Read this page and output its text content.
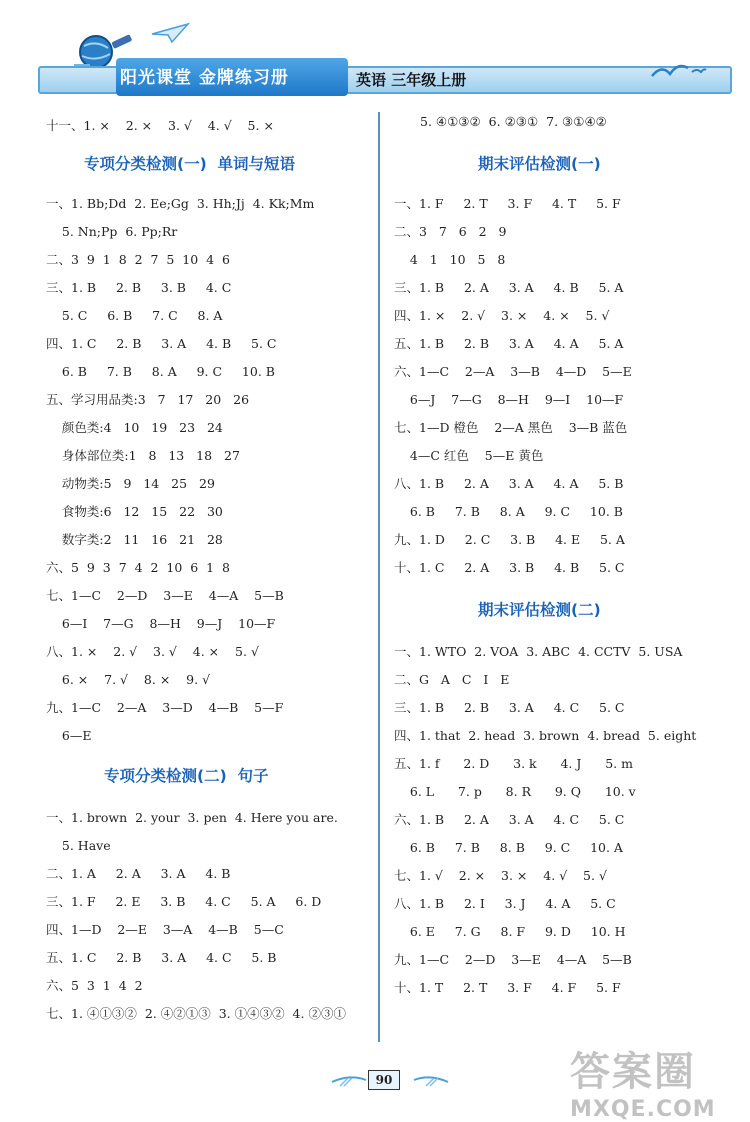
阳光课堂 金牌练习册	英语 三年级上册
十一、1. ×    2. ×    3. √    4. √    5. ×
专项分类检测(一)  单词与短语
一、1. Bb;Dd  2. Ee;Gg  3. Hh;Jj  4. Kk;Mm
5. Nn;Pp  6. Pp;Rr
二、3  9  1  8  2  7  5  10  4  6
三、1. B     2. B     3. B     4. C
5. C     6. B     7. C     8. A
四、1. C     2. B     3. A     4. B     5. C
6. B     7. B     8. A     9. C     10. B
五、学习用品类:3   7   17   20   26
颜色类:4   10   19   23   24
身体部位类:1   8   13   18   27
动物类:5   9   14   25   29
食物类:6   12   15   22   30
数字类:2   11   16   21   28
六、5  9  3  7  4  2  10  6  1  8
七、1—C    2—D    3—E    4—A    5—B
6—I    7—G    8—H    9—J    10—F
八、1. ×    2. √    3. √    4. ×    5. √
6. ×    7. √    8. ×    9. √
九、1—C    2—A    3—D    4—B    5—F
6—E
专项分类检测(二)  句子
一、1. brown  2. your  3. pen  4. Here you are.
5. Have
二、1. A     2. A     3. A     4. B
三、1. F     2. E     3. B     4. C     5. A     6. D
四、1—D    2—E    3—A    4—B    5—C
五、1. C     2. B     3. A     4. C     5. B
六、5  3  1  4  2
七、1. ④①③②  2. ④②①③  3. ①④③②  4. ②③①
5. ④①③②  6. ②③①  7. ③①④②
期末评估检测(一)
一、1. F     2. T     3. F     4. T     5. F
二、3   7   6   2   9
4   1   10   5   8
三、1. B     2. A     3. A     4. B     5. A
四、1. ×    2. √    3. ×    4. ×    5. √
五、1. B     2. B     3. A     4. A     5. A
六、1—C    2—A    3—B    4—D    5—E
6—J    7—G    8—H    9—I    10—F
七、1—D 橙色    2—A 黑色    3—B 蓝色
4—C 红色    5—E 黄色
八、1. B     2. A     3. A     4. A     5. B
6. B     7. B     8. A     9. C     10. B
九、1. D     2. C     3. B     4. E     5. A
十、1. C     2. A     3. B     4. B     5. C
期末评估检测(二)
一、1. WTO  2. VOA  3. ABC  4. CCTV  5. USA
二、G   A   C   I   E
三、1. B     2. B     3. A     4. C     5. C
四、1. that  2. head  3. brown  4. bread  5. eight
五、1. f      2. D      3. k      4. J      5. m
6. L      7. p      8. R      9. Q      10. v
六、1. B     2. A     3. A     4. C     5. C
6. B     7. B     8. B     9. C     10. A
七、1. √    2. ×    3. ×    4. √    5. √
八、1. B     2. I     3. J     4. A     5. C
6. E     7. G     8. F     9. D     10. H
九、1—C    2—D    3—E    4—A    5—B
十、1. T     2. T     3. F     4. F     5. F
90	答案圈
MXQE.COM
